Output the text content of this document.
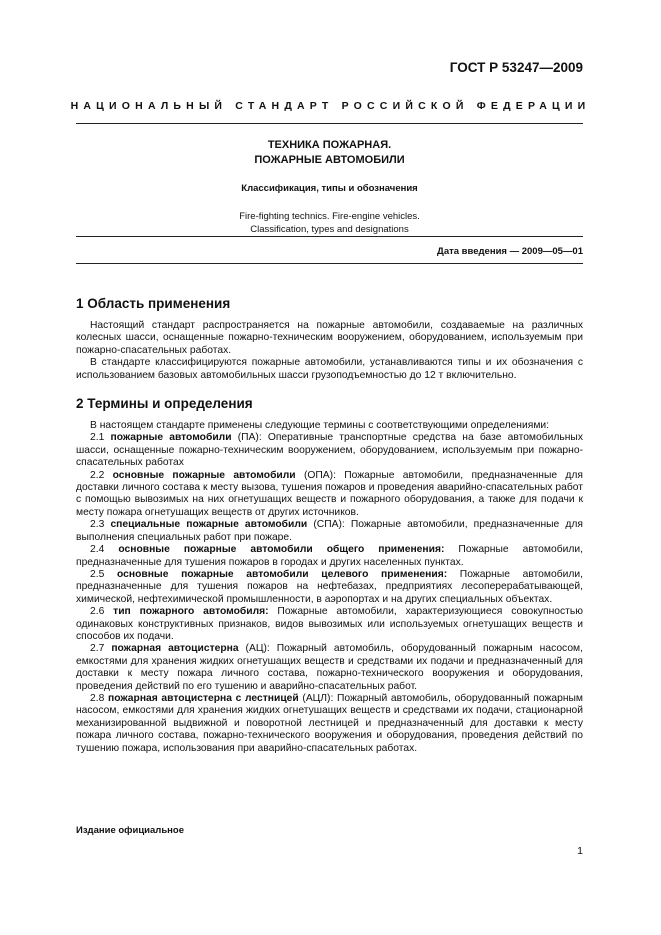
ГОСТ Р 53247—2009
НАЦИОНАЛЬНЫЙ СТАНДАРТ РОССИЙСКОЙ ФЕДЕРАЦИИ
ТЕХНИКА ПОЖАРНАЯ.
ПОЖАРНЫЕ АВТОМОБИЛИ
Классификация, типы и обозначения
Fire-fighting technics. Fire-engine vehicles.
Classification, types and designations
Дата введения — 2009—05—01
1 Область применения

Настоящий стандарт распространяется на пожарные автомобили, создаваемые на различных колесных шасси, оснащенные пожарно-техническим вооружением, оборудованием, используемым при пожарно-спасательных работах.

В стандарте классифицируются пожарные автомобили, устанавливаются типы и их обозначения с использованием базовых автомобильных шасси грузоподъемностью до 12 т включительно.

2 Термины и определения

В настоящем стандарте применены следующие термины с соответствующими определениями:

2.1 пожарные автомобили (ПА): Оперативные транспортные средства на базе автомобильных шасси, оснащенные пожарно-техническим вооружением, оборудованием, используемым при пожарно-спасательных работах

2.2 основные пожарные автомобили (ОПА): Пожарные автомобили, предназначенные для доставки личного состава к месту вызова, тушения пожаров и проведения аварийно-спасательных работ с помощью вывозимых на них огнетушащих веществ и пожарного оборудования, а также для подачи к месту пожара огнетушащих веществ от других источников.

2.3 специальные пожарные автомобили (СПА): Пожарные автомобили, предназначенные для выполнения специальных работ при пожаре.

2.4 основные пожарные автомобили общего применения: Пожарные автомобили, предназначенные для тушения пожаров в городах и других населенных пунктах.

2.5 основные пожарные автомобили целевого применения: Пожарные автомобили, предназначенные для тушения пожаров на нефтебазах, предприятиях лесоперерабатывающей, химической, нефтехимической промышленности, в аэропортах и на других специальных объектах.

2.6 тип пожарного автомобиля: Пожарные автомобили, характеризующиеся совокупностью одинаковых конструктивных признаков, видов вывозимых или используемых огнетушащих веществ и способов их подачи.

2.7 пожарная автоцистерна (АЦ): Пожарный автомобиль, оборудованный пожарным насосом, емкостями для хранения жидких огнетушащих веществ и средствами их подачи и предназначенный для доставки к месту пожара личного состава, пожарно-технического вооружения и оборудования, проведения действий по его тушению и аварийно-спасательных работ.

2.8 пожарная автоцистерна с лестницей (АЦЛ): Пожарный автомобиль, оборудованный пожарным насосом, емкостями для хранения жидких огнетушащих веществ и средствами их подачи, стационарной механизированной выдвижной и поворотной лестницей и предназначенный для доставки к месту пожара личного состава, пожарно-технического вооружения и оборудования, проведения действий по тушению пожара, использования при аварийно-спасательных работах.

Издание официальное
1
